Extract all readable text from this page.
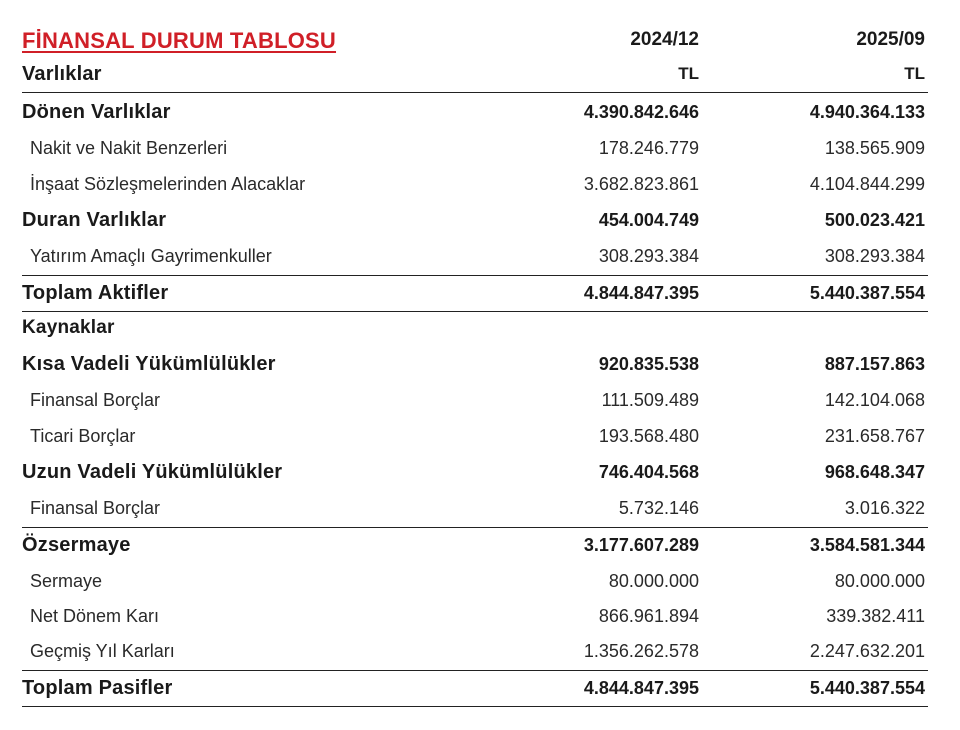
FİNANSAL DURUM TABLOSU	2024/12	2025/09
Varlıklar	TL	TL
Dönen Varlıklar	4.390.842.646	4.940.364.133
Nakit ve Nakit Benzerleri	178.246.779	138.565.909
İnşaat Sözleşmelerinden Alacaklar	3.682.823.861	4.104.844.299
Duran Varlıklar	454.004.749	500.023.421
Yatırım Amaçlı Gayrimenkuller	308.293.384	308.293.384
Toplam Aktifler	4.844.847.395	5.440.387.554
Kaynaklar
Kısa Vadeli Yükümlülükler	920.835.538	887.157.863
Finansal Borçlar	111.509.489	142.104.068
Ticari Borçlar	193.568.480	231.658.767
Uzun Vadeli Yükümlülükler	746.404.568	968.648.347
Finansal Borçlar	5.732.146	3.016.322
Özsermaye	3.177.607.289	3.584.581.344
Sermaye	80.000.000	80.000.000
Net Dönem Karı	866.961.894	339.382.411
Geçmiş Yıl Karları	1.356.262.578	2.247.632.201
Toplam Pasifler	4.844.847.395	5.440.387.554
